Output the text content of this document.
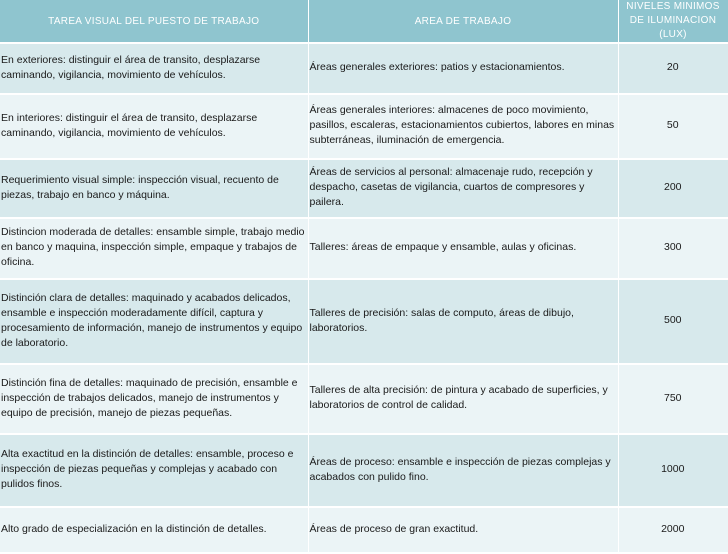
TAREA VISUAL DEL PUESTO DE TRABAJO	AREA DE TRABAJO	NIVELES MINIMOS DE ILUMINACION (LUX)
En exteriores: distinguir el área de transito, desplazarse caminando, vigilancia, movimiento de vehículos.	Áreas generales exteriores: patios y estacionamientos.	20
En interiores: distinguir el área de transito, desplazarse caminando, vigilancia, movimiento de vehículos.	Áreas generales interiores: almacenes de poco movimiento, pasillos, escaleras, estacionamientos cubiertos, labores en minas subterráneas, iluminación de emergencia.	50
Requerimiento visual simple: inspección visual, recuento de piezas, trabajo en banco y máquina.	Áreas de servicios al personal: almacenaje rudo, recepción y despacho, casetas de vigilancia, cuartos de compresores y pailera.	200
Distincion moderada de detalles: ensamble simple, trabajo medio en banco y maquina, inspección simple, empaque y trabajos de oficina.	Talleres: áreas de empaque y ensamble, aulas y oficinas.	300
Distinción clara de detalles: maquinado y acabados delicados, ensamble e inspección moderadamente difícil, captura y procesamiento de información, manejo de instrumentos y equipo de laboratorio.	Talleres de precisión: salas de computo, áreas de dibujo, laboratorios.	500
Distinción fina de detalles: maquinado de precisión, ensamble e inspección de trabajos delicados, manejo de instrumentos y equipo de precisión, manejo de piezas pequeñas.	Talleres de alta precisión: de pintura y acabado de superficies, y laboratorios de control de calidad.	750
Alta exactitud en la distinción de detalles: ensamble, proceso e inspección de piezas pequeñas y complejas y acabado con pulidos finos.	Áreas de proceso: ensamble e inspección de piezas complejas y acabados con pulido fino.	1000
Alto grado de especialización en la distinción de detalles.	Áreas de proceso de gran exactitud.	2000
